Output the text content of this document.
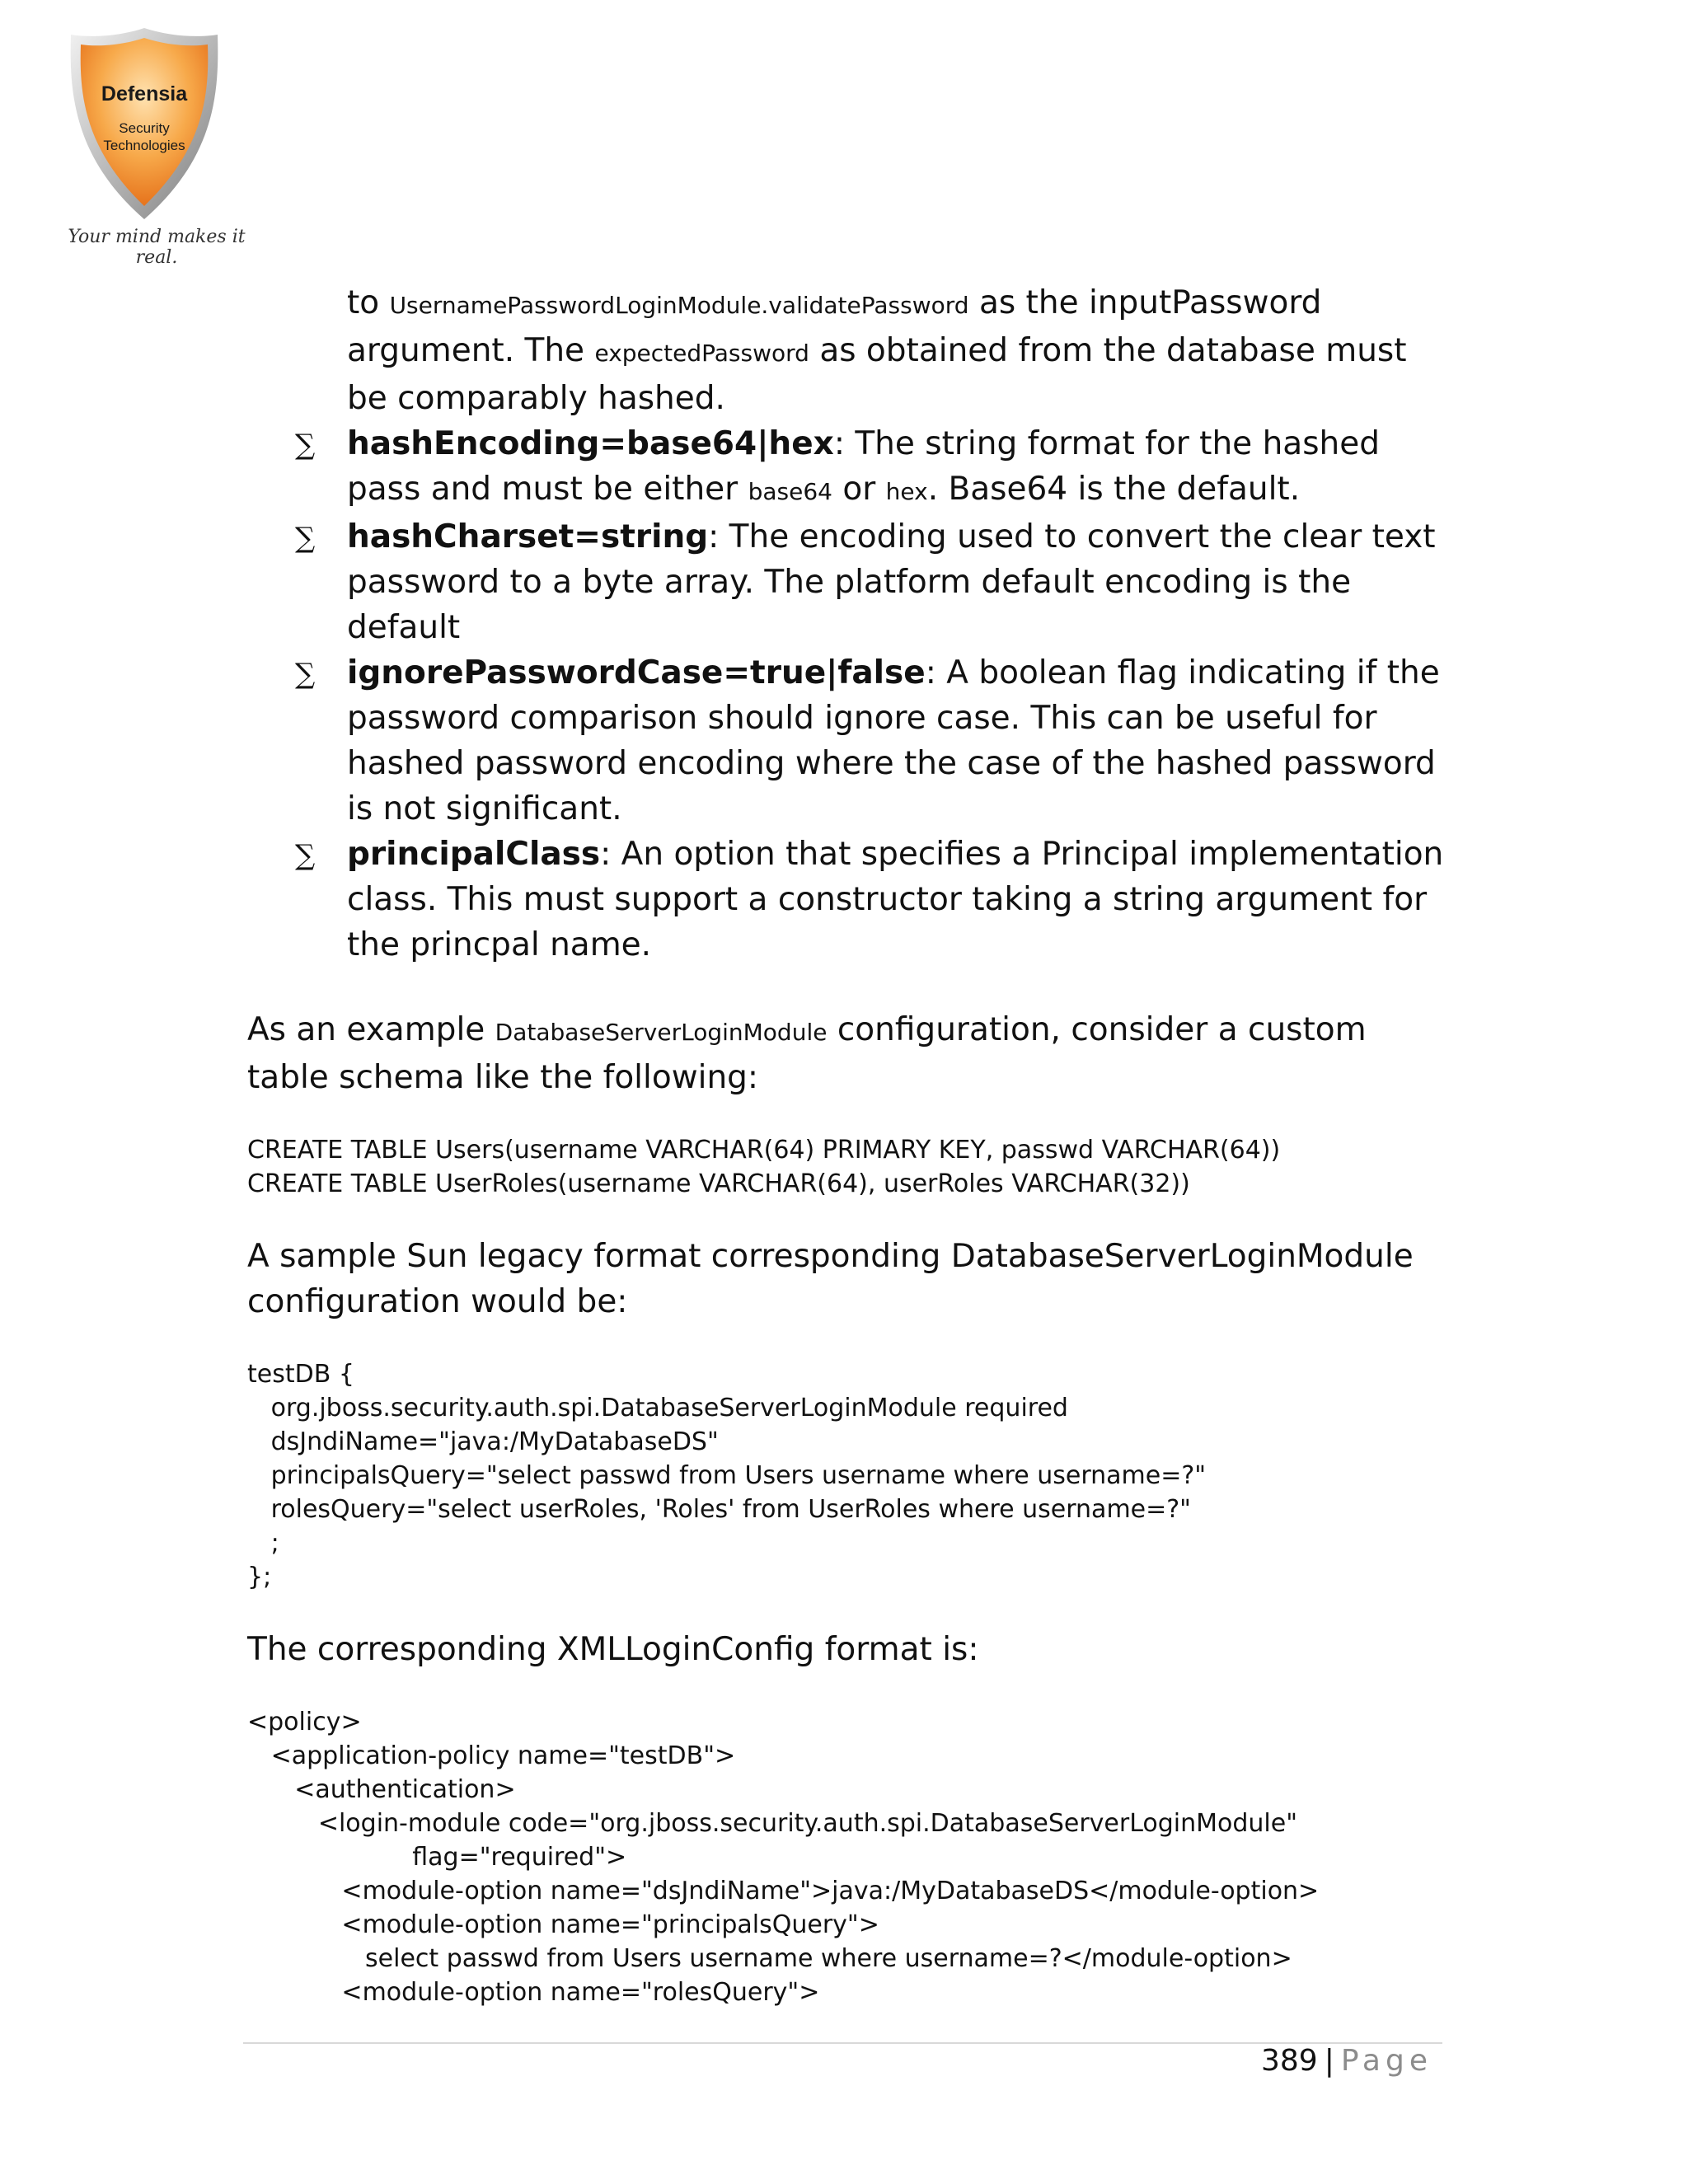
Defensia
Security
Technologies
Your mind makes it real.

to UsernamePasswordLoginModule.validatePassword as the inputPassword argument. The expectedPassword as obtained from the database must be comparably hashed.

∑ hashEncoding=base64|hex: The string format for the hashed pass and must be either base64 or hex. Base64 is the default.
∑ hashCharset=string: The encoding used to convert the clear text password to a byte array. The platform default encoding is the default
∑ ignorePasswordCase=true|false: A boolean flag indicating if the password comparison should ignore case. This can be useful for hashed password encoding where the case of the hashed password is not significant.
∑ principalClass: An option that specifies a Principal implementation class. This must support a constructor taking a string argument for the princpal name.

As an example DatabaseServerLoginModule configuration, consider a custom table schema like the following:

CREATE TABLE Users(username VARCHAR(64) PRIMARY KEY, passwd VARCHAR(64))
CREATE TABLE UserRoles(username VARCHAR(64), userRoles VARCHAR(32))

A sample Sun legacy format corresponding DatabaseServerLoginModule configuration would be:

testDB {
org.jboss.security.auth.spi.DatabaseServerLoginModule required
dsJndiName="java:/MyDatabaseDS"
principalsQuery="select passwd from Users username where username=?"
rolesQuery="select userRoles, 'Roles' from UserRoles where username=?"
;
};

The corresponding XMLLoginConfig format is:

<policy>
<application-policy name="testDB">
<authentication>
<login-module code="org.jboss.security.auth.spi.DatabaseServerLoginModule"
flag="required">
<module-option name="dsJndiName">java:/MyDatabaseDS</module-option>
<module-option name="principalsQuery">
select passwd from Users username where username=?</module-option>
<module-option name="rolesQuery">
389 | Page
